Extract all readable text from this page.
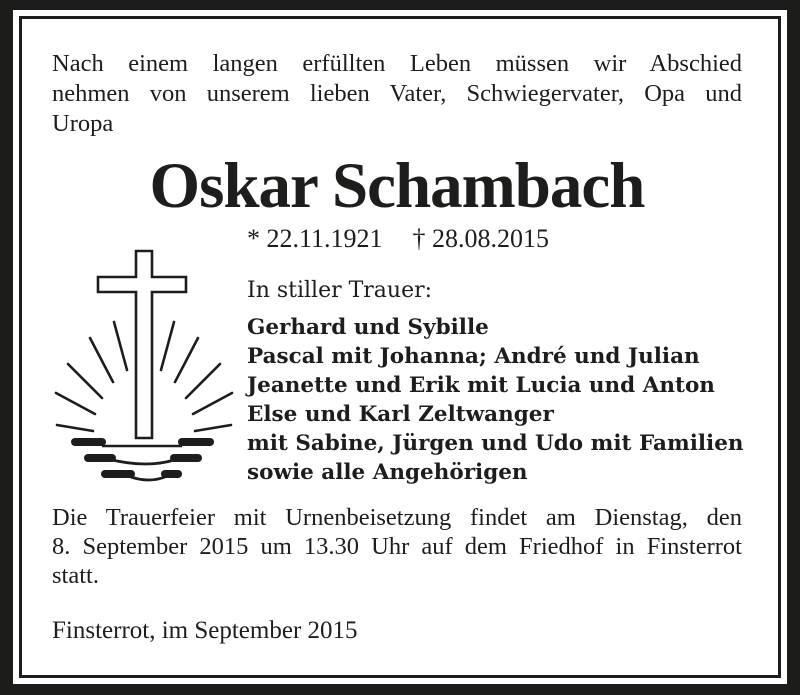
Nach einem langen erfüllten Leben müssen wir Abschied
nehmen von unserem lieben Vater, Schwiegervater, Opa und
Uropa
Oskar Schambach
* 22.11.1921 † 28.08.2015
In stiller Trauer:
Gerhard und Sybille
Pascal mit Johanna; André und Julian
Jeanette und Erik mit Lucia und Anton
Else und Karl Zeltwanger
mit Sabine, Jürgen und Udo mit Familien
sowie alle Angehörigen
Die Trauerfeier mit Urnenbeisetzung findet am Dienstag, den
8. September 2015 um 13.30 Uhr auf dem Friedhof in Finsterrot
statt.
Finsterrot, im September 2015
